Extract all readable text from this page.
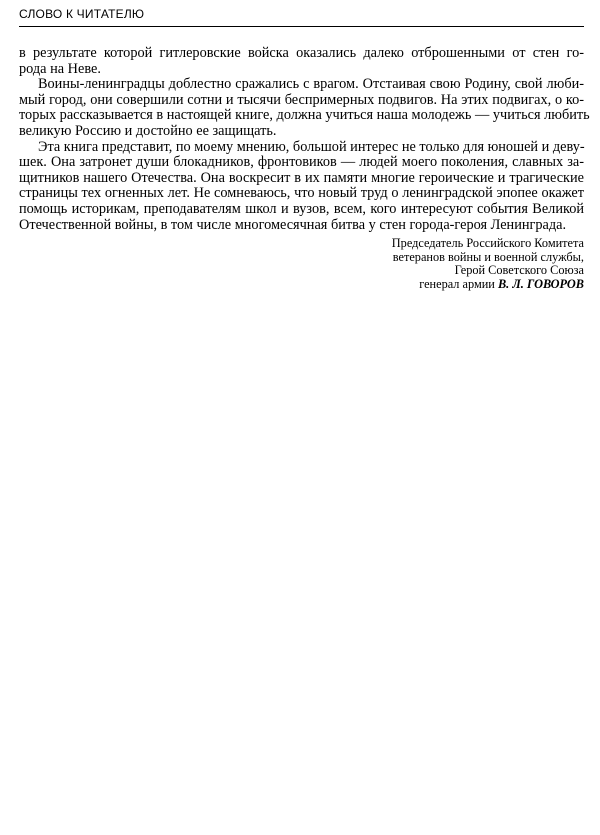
СЛОВО К ЧИТАТЕЛЮ
в результате которой гитлеровские войска оказались далеко отброшенными от стен го-
рода на Неве.
Воины-ленинградцы доблестно сражались с врагом. Отстаивая свою Родину, свой люби-
мый город, они совершили сотни и тысячи беспримерных подвигов. На этих подвигах, о ко-
торых рассказывается в настоящей книге, должна учиться наша молодежь — учиться любить
великую Россию и достойно ее защищать.
Эта книга представит, по моему мнению, большой интерес не только для юношей и деву-
шек. Она затронет души блокадников, фронтовиков — людей моего поколения, славных за-
щитников нашего Отечества. Она воскресит в их памяти многие героические и трагические
страницы тех огненных лет. Не сомневаюсь, что новый труд о ленинградской эпопее окажет
помощь историкам, преподавателям школ и вузов, всем, кого интересуют события Великой
Отечественной войны, в том числе многомесячная битва у стен города-героя Ленинграда.
Председатель Российского Комитета
ветеранов войны и военной службы,
Герой Советского Союза
генерал армии В. Л. ГОВОРОВ
